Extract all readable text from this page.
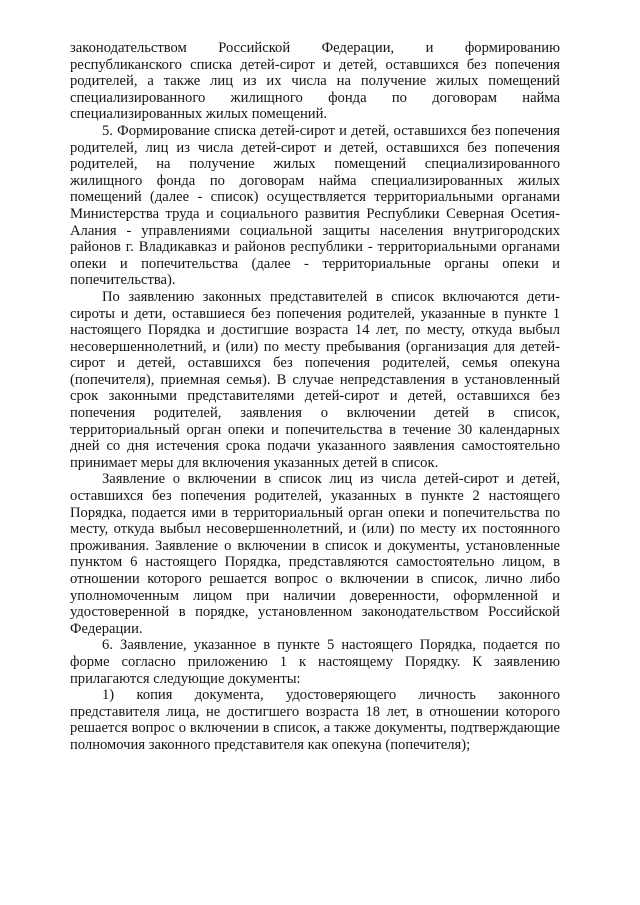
законодательством Российской Федерации, и формированию республиканского списка детей-сирот и детей, оставшихся без попечения родителей, а также лиц из их числа на получение жилых помещений специализированного жилищного фонда по договорам найма специализированных жилых помещений.

5. Формирование списка детей-сирот и детей, оставшихся без попечения родителей, лиц из числа детей-сирот и детей, оставшихся без попечения родителей, на получение жилых помещений специализированного жилищного фонда по договорам найма специализированных жилых помещений (далее - список) осуществляется территориальными органами Министерства труда и социального развития Республики Северная Осетия-Алания - управлениями социальной защиты населения внутригородских районов г. Владикавказ и районов республики - территориальными органами опеки и попечительства (далее - территориальные органы опеки и попечительства).

По заявлению законных представителей в список включаются дети-сироты и дети, оставшиеся без попечения родителей, указанные в пункте 1 настоящего Порядка и достигшие возраста 14 лет, по месту, откуда выбыл несовершеннолетний, и (или) по месту пребывания (организация для детей-сирот и детей, оставшихся без попечения родителей, семья опекуна (попечителя), приемная семья). В случае непредставления в установленный срок законными представителями детей-сирот и детей, оставшихся без попечения родителей, заявления о включении детей в список, территориальный орган опеки и попечительства в течение 30 календарных дней со дня истечения срока подачи указанного заявления самостоятельно принимает меры для включения указанных детей в список.

Заявление о включении в список лиц из числа детей-сирот и детей, оставшихся без попечения родителей, указанных в пункте 2 настоящего Порядка, подается ими в территориальный орган опеки и попечительства по месту, откуда выбыл несовершеннолетний, и (или) по месту их постоянного проживания. Заявление о включении в список и документы, установленные пунктом 6 настоящего Порядка, представляются самостоятельно лицом, в отношении которого решается вопрос о включении в список, лично либо уполномоченным лицом при наличии доверенности, оформленной и удостоверенной в порядке, установленном законодательством Российской Федерации.

6. Заявление, указанное в пункте 5 настоящего Порядка, подается по форме согласно приложению 1 к настоящему Порядку. К заявлению прилагаются следующие документы:

1) копия документа, удостоверяющего личность законного представителя лица, не достигшего возраста 18 лет, в отношении которого решается вопрос о включении в список, а также документы, подтверждающие полномочия законного представителя как опекуна (попечителя);
